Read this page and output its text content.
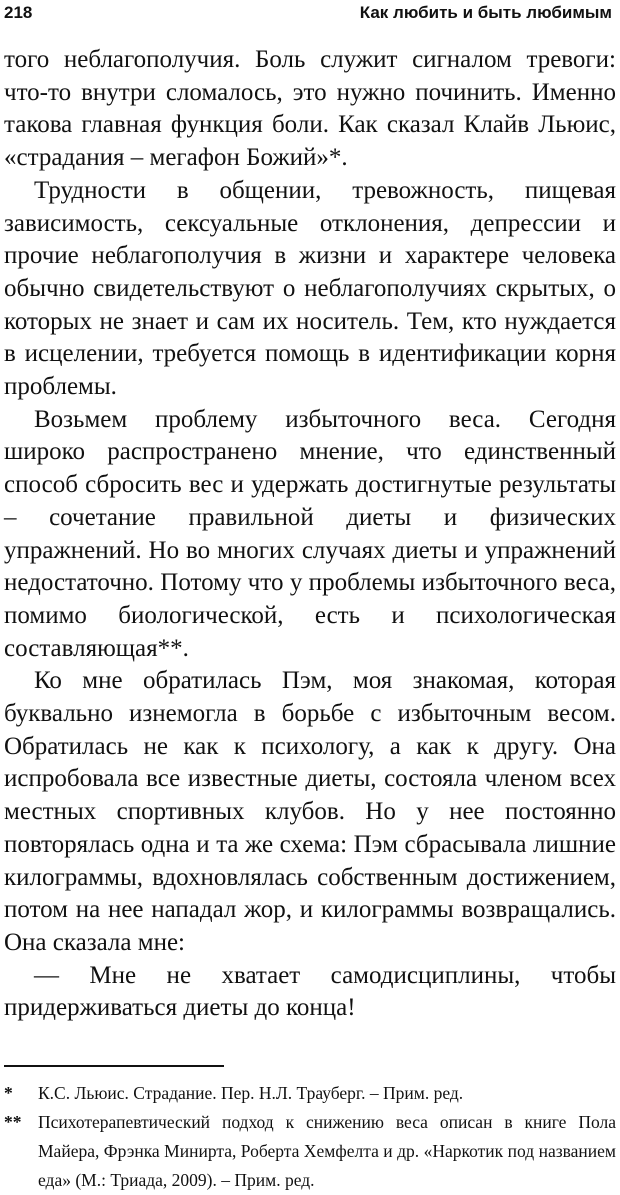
218	Как любить и быть любимым

того неблагополучия. Боль служит сигналом тревоги: что-то внутри сломалось, это нужно починить. Именно такова главная функция боли. Как сказал Клайв Льюис, «страдания – мегафон Божий»*.

Трудности в общении, тревожность, пищевая зависимость, сексуальные отклонения, депрессии и прочие неблагополучия в жизни и характере человека обычно свидетельствуют о неблагополучиях скрытых, о которых не знает и сам их носитель. Тем, кто нуждается в исцелении, требуется помощь в идентификации корня проблемы.

Возьмем проблему избыточного веса. Сегодня широко распространено мнение, что единственный способ сбросить вес и удержать достигнутые результаты – сочетание правильной диеты и физических упражнений. Но во многих случаях диеты и упражнений недостаточно. Потому что у проблемы избыточного веса, помимо биологической, есть и психологическая составляющая**.

Ко мне обратилась Пэм, моя знакомая, которая буквально изнемогла в борьбе с избыточным весом. Обратилась не как к психологу, а как к другу. Она испробовала все известные диеты, состояла членом всех местных спортивных клубов. Но у нее постоянно повторялась одна и та же схема: Пэм сбрасывала лишние килограммы, вдохновлялась собственным достижением, потом на нее нападал жор, и килограммы возвращались. Она сказала мне:

— Мне не хватает самодисциплины, чтобы придерживаться диеты до конца!

*	К.С. Льюис. Страдание. Пер. Н.Л. Трауберг. – Прим. ред.
** Психотерапевтический подход к снижению веса описан в книге Пола Майера, Фрэнка Минирта, Роберта Хемфелта и др. «Наркотик под названием еда» (М.: Триада, 2009). – Прим. ред.
